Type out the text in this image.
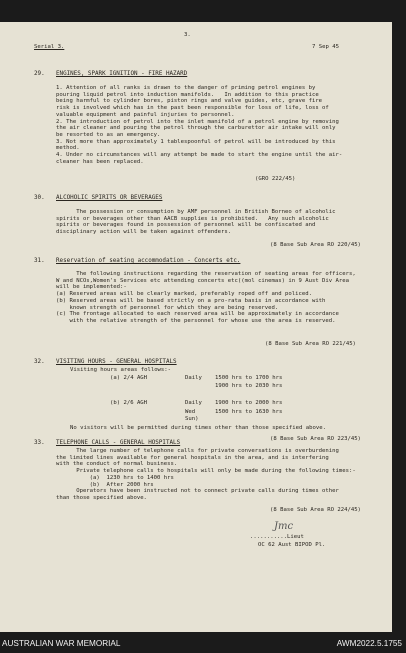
Serial 3.
3.
7 Sep 45
29. ENGINES, SPARK IGNITION - FIRE HAZARD
1. Attention of all ranks is drawn to the danger of priming petrol engines by
pouring liquid petrol into induction manifolds.   In addition to this practice
being harmful to cylinder bores, piston rings and valve guides, etc, grave fire
risk is involved which has in the past been responsible for loss of life, loss of
valuable equipment and painful injuries to personnel.
2. The introduction of petrol into the inlet manifold of a petrol engine by removing
the air cleaner and pouring the petrol through the carburettor air intake will only
be resorted to as an emergency.
3. Not more than approximately 1 tablespoonful of petrol will be introduced by this
method.
4. Under no circumstances will any attempt be made to start the engine until the air-
cleaner has been replaced.
(GRO 222/45)
30. ALCOHOLIC SPIRITS OR BEVERAGES
The possession or consumption by AMF personnel in British Borneo of alcoholic
spirits or beverages other than AACB supplies is prohibited.   Any such alcoholic
spirits or beverages found in possession of personnel will be confiscated and
disciplinary action will be taken against offenders.
(8 Base Sub Area RO 220/45)
31. Reservation of seating accommodation - Concerts etc.
The following instructions regarding the reservation of seating areas for officers,
W and NCOs,Women's Services etc attending concerts etc((mol cinemas) in 9 Aust Div Area
will be implemented:-
(a) Reserved areas will be clearly marked, preferably roped off and policed.
(b) Reserved areas will be based strictly on a pro-rata basis in accordance with
known strength of personnel for which they are being reserved.
(c) The frontage allocated to each reserved area will be approximately in accordance
with the relative strength of the personnel for whose use the area is reserved.
(8 Base Sub Area RO 221/45)
32. VISITING HOURS - GENERAL HOSPITALS
Visiting hours areas follows:-
(a) 2/4 AGH	Daily 1500 hrs to 1700 hrs
1900 hrs to 2030 hrs
(b) 2/6 AGH	Daily 1900 hrs to 2000 hrs
Wed	1500 hrs to 1630 hrs
Sun)
No visitors will be permitted during times other than those specified above.
33. TELEPHONE CALLS - GENERAL HOSPITALS
(8 Base Sub Area RO 223/45)
The large number of telephone calls for private conversations is overburdening
the limited lines available for general hospitals in the area, and is interfering
with the conduct of normal business.
Private telephone calls to hospitals will only be made during the following times:-
(a)  1230 hrs to 1400 hrs
(b)  After 2000 hrs
Operators have been instructed not to connect private calls during times other
than those specified above.
(8 Base Sub Area RO 224/45)
Jmc
...........Lieut
OC 62 Aust BIPOD Pl.
AUSTRALIAN WAR MEMORIAL	AWM2022.5.1755
